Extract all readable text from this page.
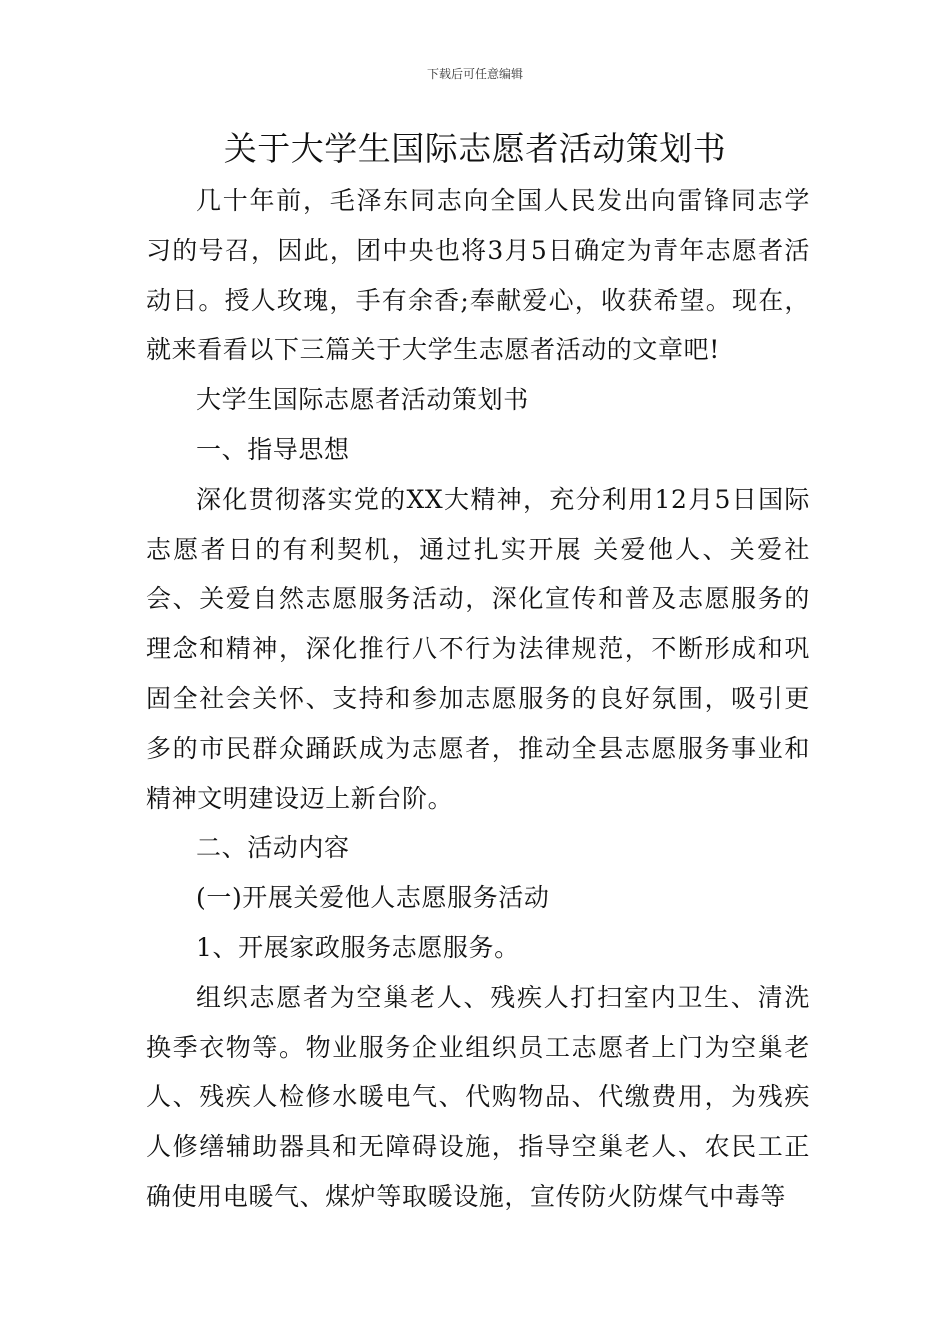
下载后可任意编辑
关于大学生国际志愿者活动策划书

几十年前，毛泽东同志向全国人民发出向雷锋同志学习的号召，因此，团中央也将3月5日确定为青年志愿者活动日。授人玫瑰，手有余香;奉献爱心，收获希望。现在，就来看看以下三篇关于大学生志愿者活动的文章吧!

大学生国际志愿者活动策划书

一、指导思想

深化贯彻落实党的XX大精神，充分利用12月5日国际志愿者日的有利契机，通过扎实开展 关爱他人、关爱社会、关爱自然志愿服务活动，深化宣传和普及志愿服务的理念和精神，深化推行八不行为法律规范，不断形成和巩固全社会关怀、支持和参加志愿服务的良好氛围，吸引更多的市民群众踊跃成为志愿者，推动全县志愿服务事业和精神文明建设迈上新台阶。

二、活动内容

(一)开展关爱他人志愿服务活动

1、开展家政服务志愿服务。

组织志愿者为空巢老人、残疾人打扫室内卫生、清洗换季衣物等。物业服务企业组织员工志愿者上门为空巢老人、残疾人检修水暖电气、代购物品、代缴费用，为残疾人修缮辅助器具和无障碍设施，指导空巢老人、农民工正确使用电暖气、煤炉等取暖设施，宣传防火防煤气中毒等
